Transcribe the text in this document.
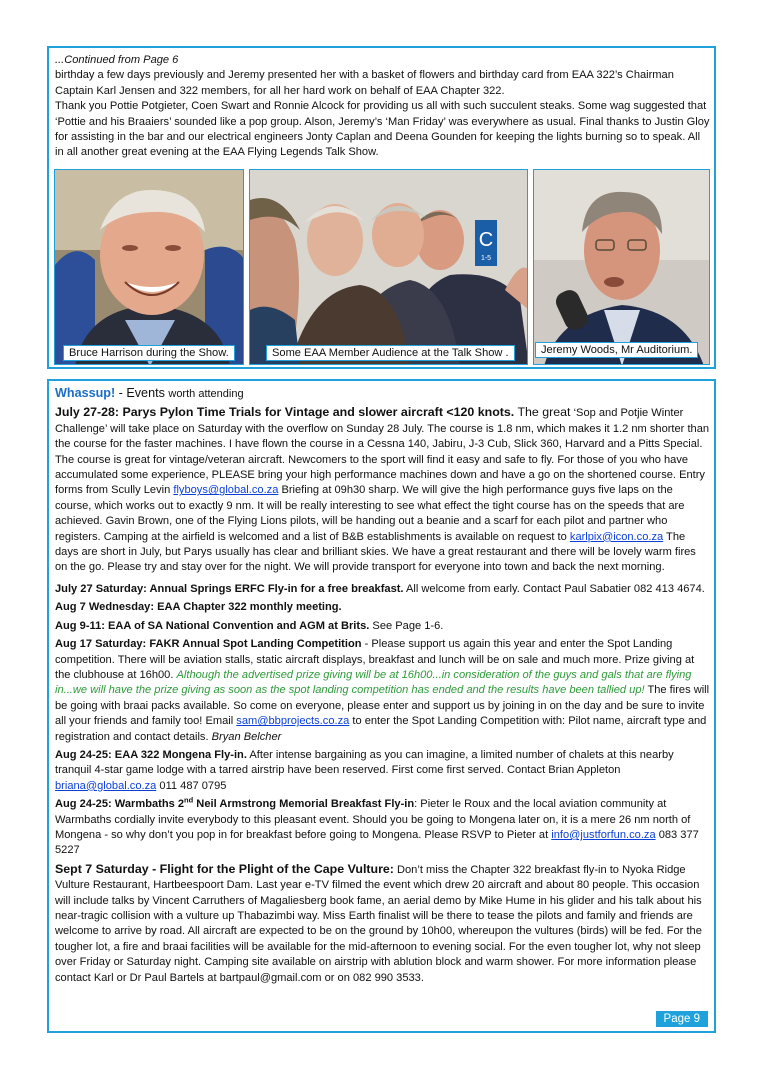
...Continued from Page 6
birthday a few days previously and Jeremy presented her with a basket of flowers and birthday card from EAA 322’s Chairman Captain Karl Jensen and 322 members, for all her hard work on behalf of EAA Chapter 322.
Thank you Pottie Potgieter, Coen Swart and Ronnie Alcock for providing us all with such succulent steaks. Some wag suggested that ‘Pottie and his Braaiers’ sounded like a pop group. Alson, Jeremy’s ‘Man Friday’ was everywhere as usual. Final thanks to Justin Gloy for assisting in the bar and our electrical engineers Jonty Caplan and Deena Gounden for keeping the lights burning so to speak. All in all another great evening at the EAA Flying Legends Talk Show.
Bruce Harrison during the Show.
C
1-5
Some EAA Member Audience at the Talk Show .	Jeremy Woods, Mr Auditorium.
Whassup! - Events worth attending
July 27-28: Parys Pylon Time Trials for Vintage and slower aircraft <120 knots. The great ‘Sop and Potjie Winter Challenge’ will take place on Saturday with the overflow on Sunday 28 July. The course is 1.8 nm, which makes it 1.2 nm shorter than the course for the faster machines. I have flown the course in a Cessna 140, Jabiru, J-3 Cub, Slick 360, Harvard and a Pitts Special. The course is great for vintage/veteran aircraft. Newcomers to the sport will find it easy and safe to fly. For those of you who have accumulated some experience, PLEASE bring your high performance machines down and have a go on the shortened course. Entry forms from Scully Levin flyboys@global.co.za Briefing at 09h30 sharp. We will give the high performance guys five laps on the course, which works out to exactly 9 nm. It will be really interesting to see what effect the tight course has on the speeds that are achieved. Gavin Brown, one of the Flying Lions pilots, will be handing out a beanie and a scarf for each pilot and partner who registers. Camping at the airfield is welcomed and a list of B&B establishments is available on request to karlpix@icon.co.za The days are short in July, but Parys usually has clear and brilliant skies. We have a great restaurant and there will be lovely warm fires on the go. Please try and stay over for the night. We will provide transport for everyone into town and back the next morning.
July 27 Saturday: Annual Springs ERFC Fly-in for a free breakfast. All welcome from early. Contact Paul Sabatier 082 413 4674.
Aug 7 Wednesday: EAA Chapter 322 monthly meeting.
Aug 9-11: EAA of SA National Convention and AGM at Brits. See Page 1-6.
Aug 17 Saturday: FAKR Annual Spot Landing Competition - Please support us again this year and enter the Spot Landing competition. There will be aviation stalls, static aircraft displays, breakfast and lunch will be on sale and much more. Prize giving at the clubhouse at 16h00. Although the advertised prize giving will be at 16h00...in consideration of the guys and gals that are flying in...we will have the prize giving as soon as the spot landing competition has ended and the results have been tallied up! The fires will be going with braai packs available. So come on everyone, please enter and support us by joining in on the day and be sure to invite all your friends and family too! Email sam@bbprojects.co.za to enter the Spot Landing Competition with: Pilot name, aircraft type and registration and contact details. Bryan Belcher
Aug 24-25: EAA 322 Mongena Fly-in. After intense bargaining as you can imagine, a limited number of chalets at this nearby tranquil 4-star game lodge with a tarred airstrip have been reserved. First come first served. Contact Brian Appleton briana@global.co.za 011 487 0795
Aug 24-25: Warmbaths 2nd Neil Armstrong Memorial Breakfast Fly-in: Pieter le Roux and the local aviation community at Warmbaths cordially invite everybody to this pleasant event. Should you be going to Mongena later on, it is a mere 26 nm north of Mongena - so why don’t you pop in for breakfast before going to Mongena. Please RSVP to Pieter at info@justforfun.co.za 083 377 5227
Sept 7 Saturday - Flight for the Plight of the Cape Vulture: Don’t miss the Chapter 322 breakfast fly-in to Nyoka Ridge Vulture Restaurant, Hartbeespoort Dam. Last year e-TV filmed the event which drew 20 aircraft and about 80 people. This occasion will include talks by Vincent Carruthers of Magaliesberg book fame, an aerial demo by Mike Hume in his glider and his talk about his near-tragic collision with a vulture up Thabazimbi way. Miss Earth finalist will be there to tease the pilots and family and friends are welcome to arrive by road. All aircraft are expected to be on the ground by 10h00, whereupon the vultures (birds) will be fed. For the tougher lot, a fire and braai facilities will be available for the mid-afternoon to evening social. For the even tougher lot, why not sleep over Friday or Saturday night. Camping site available on airstrip with ablution block and warm shower. For more information please contact Karl or Dr Paul Bartels at bartpaul@gmail.com or on 082 990 3533.
Page 9
